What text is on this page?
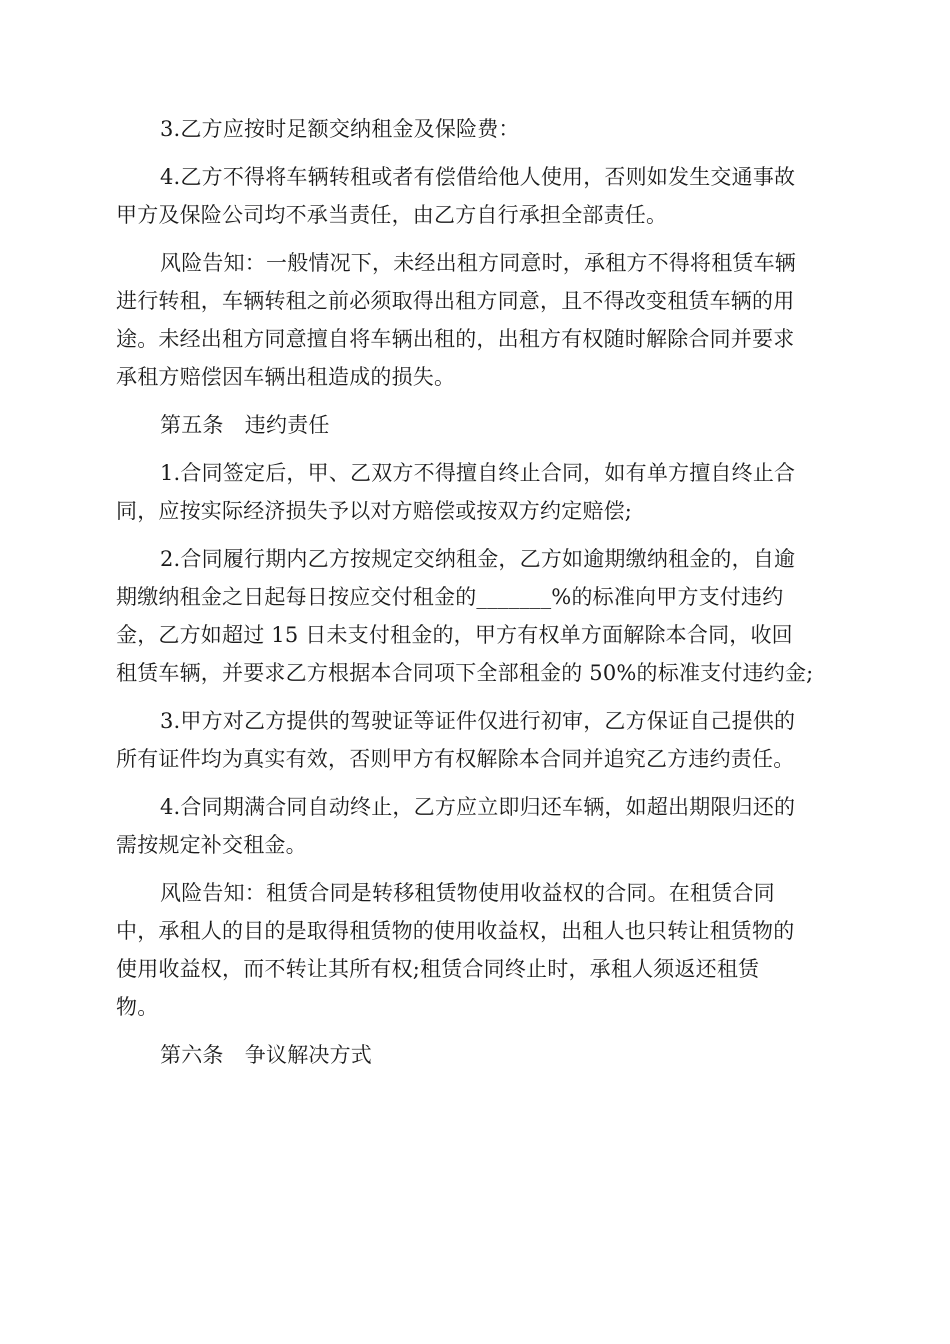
3.乙方应按时足额交纳租金及保险费：
4.乙方不得将车辆转租或者有偿借给他人使用，否则如发生交通事故
甲方及保险公司均不承当责任，由乙方自行承担全部责任。
风险告知：一般情况下，未经出租方同意时，承租方不得将租赁车辆
进行转租，车辆转租之前必须取得出租方同意，且不得改变租赁车辆的用
途。未经出租方同意擅自将车辆出租的，出租方有权随时解除合同并要求
承租方赔偿因车辆出租造成的损失。
第五条　违约责任
1.合同签定后，甲、乙双方不得擅自终止合同，如有单方擅自终止合
同，应按实际经济损失予以对方赔偿或按双方约定赔偿;
2.合同履行期内乙方按规定交纳租金，乙方如逾期缴纳租金的，自逾
期缴纳租金之日起每日按应交付租金的_______%的标准向甲方支付违约
金，乙方如超过 15 日未支付租金的，甲方有权单方面解除本合同，收回
租赁车辆，并要求乙方根据本合同项下全部租金的 50%的标准支付违约金;
3.甲方对乙方提供的驾驶证等证件仅进行初审，乙方保证自己提供的
所有证件均为真实有效，否则甲方有权解除本合同并追究乙方违约责任。
4.合同期满合同自动终止，乙方应立即归还车辆，如超出期限归还的
需按规定补交租金。
风险告知：租赁合同是转移租赁物使用收益权的合同。在租赁合同
中，承租人的目的是取得租赁物的使用收益权，出租人也只转让租赁物的
使用收益权，而不转让其所有权;租赁合同终止时，承租人须返还租赁
物。
第六条　争议解决方式
